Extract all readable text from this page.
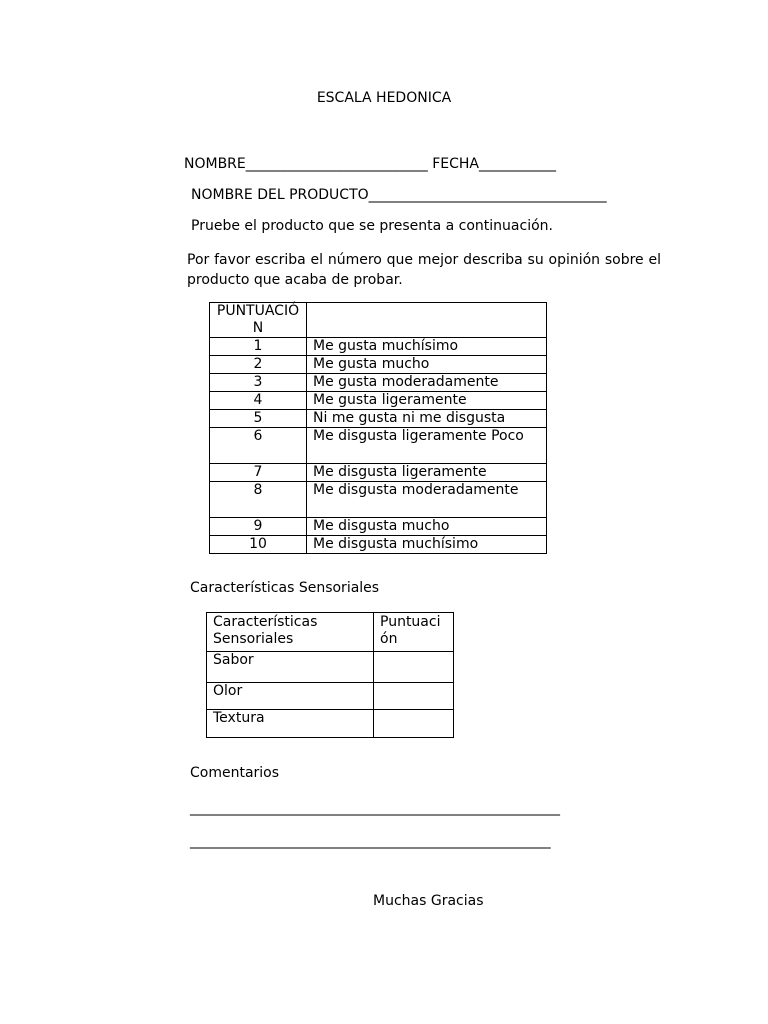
ESCALA HEDONICA
NOMBRE__________________________ FECHA___________
NOMBRE DEL PRODUCTO__________________________________
Pruebe el producto que se presenta a continuación.
Por favor escriba el número que mejor describa su opinión sobre el producto que acaba de probar.
PUNTUACIÓN	
1	Me gusta muchísimo
2	Me gusta mucho
3	Me gusta moderadamente
4	Me gusta ligeramente
5	Ni me gusta ni me disgusta
6	Me disgusta ligeramente Poco
7	Me disgusta ligeramente
8	Me disgusta moderadamente
9	Me disgusta mucho
10	Me disgusta muchísimo
Características Sensoriales
Características Sensoriales	Puntuación
Sabor	
Olor	
Textura	
Comentarios
______________________________________________________
_____________________________________________________
Muchas Gracias
